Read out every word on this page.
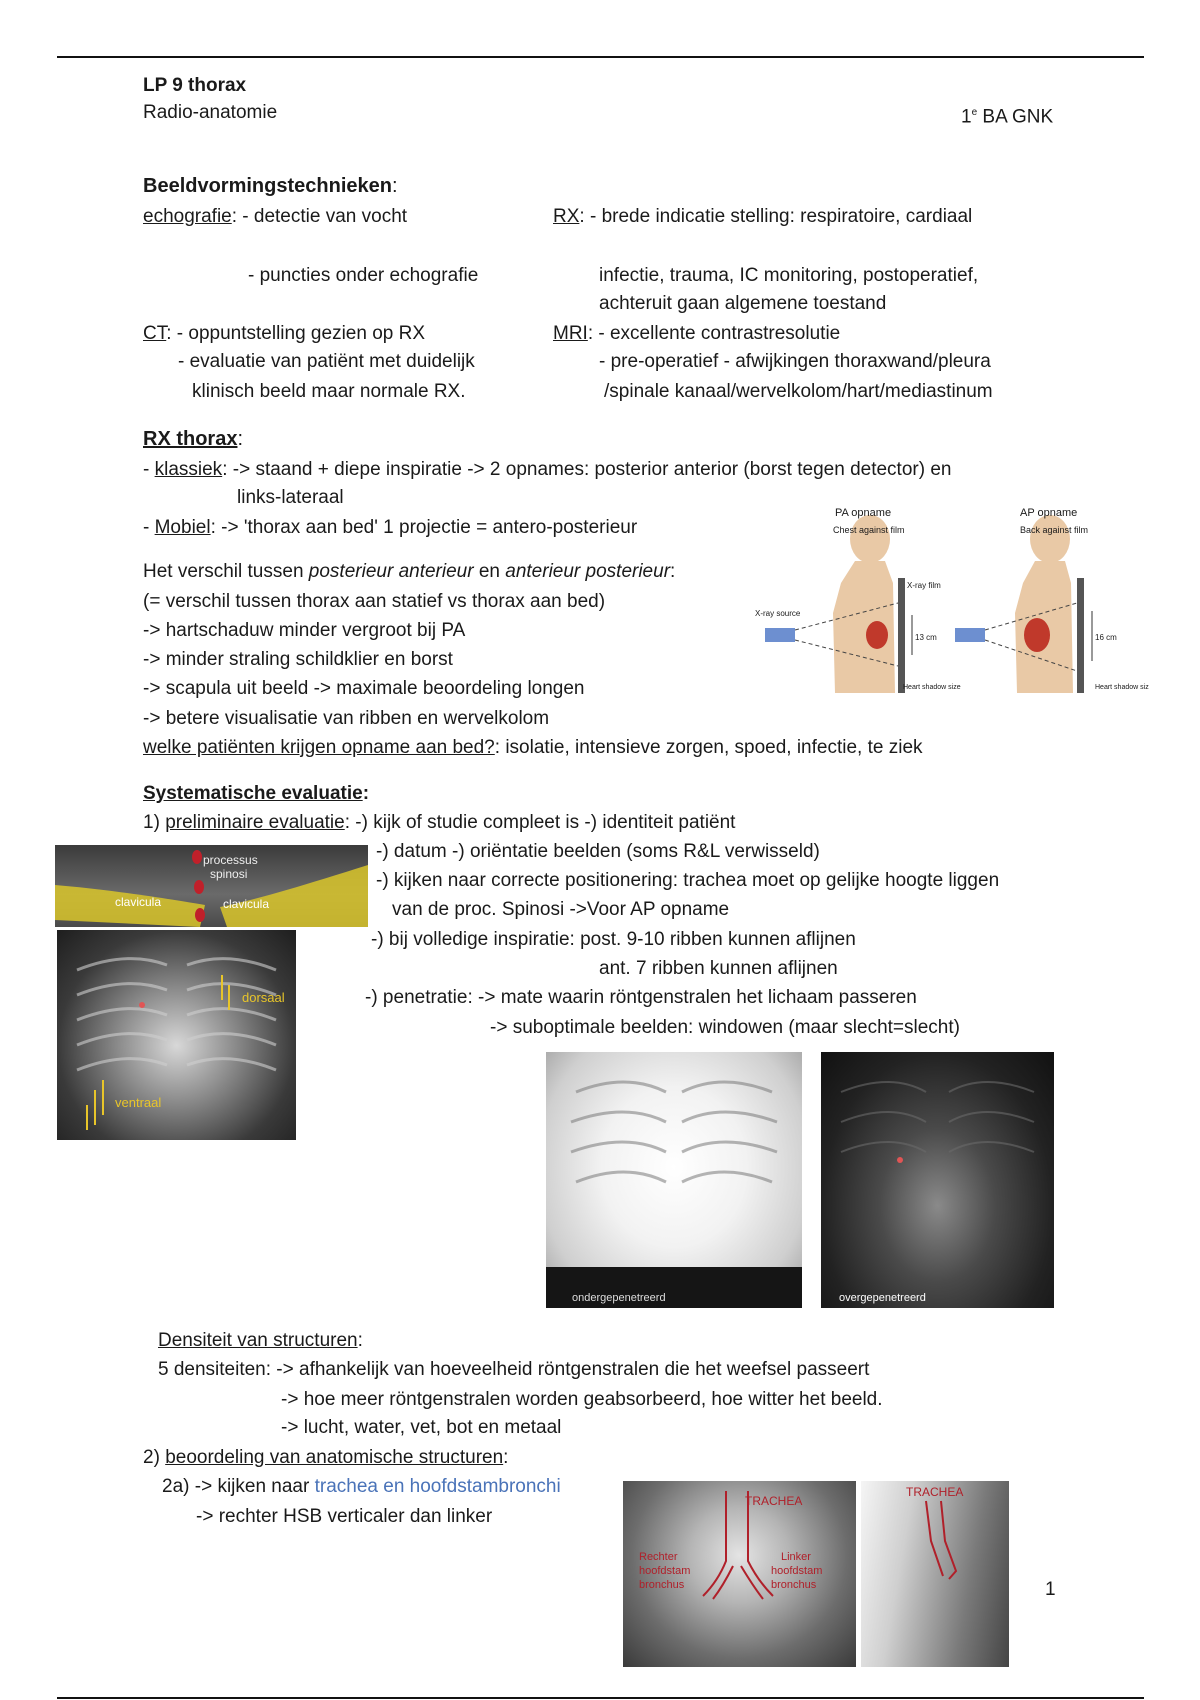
LP 9 thorax
Radio-anatomie	1e BA GNK
Beeldvormingstechnieken:
echografie: - detectie van vocht
- puncties onder echografie
RX: - brede indicatie stelling: respiratoire, cardiaal
infectie, trauma, IC monitoring, postoperatief,
achteruit gaan algemene toestand
CT: - oppuntstelling gezien op RX
- evaluatie van patiënt met duidelijk
klinisch beeld maar normale RX.
MRI: - excellente contrastresolutie
- pre-operatief - afwijkingen thoraxwand/pleura
/spinale kanaal/wervelkolom/hart/mediastinum
RX thorax:
- klassiek: -> staand + diepe inspiratie -> 2 opnames: posterior anterior (borst tegen detector) en
links-lateraal
- Mobiel: -> 'thorax aan bed' 1 projectie = antero-posterieur
Het verschil tussen posterieur anterieur en anterieur posterieur:
(= verschil tussen thorax aan statief vs thorax aan bed)
-> hartschaduw minder vergroot bij PA
-> minder straling schildklier en borst
-> scapula uit beeld -> maximale beoordeling longen
-> betere visualisatie van ribben en wervelkolom
welke patiënten krijgen opname aan bed?: isolatie, intensieve zorgen, spoed, infectie, te ziek
PA opname
Chest against film
AP opname
Back against film
X-ray film
X-ray source
13 cm	16 cm
Heart shadow size	Heart shadow siz
Systematische evaluatie:
1) preliminaire evaluatie: -) kijk of studie compleet is -) identiteit patiënt
-) datum -) oriëntatie beelden (soms R&L verwisseld)
-) kijken naar correcte positionering: trachea moet op gelijke hoogte liggen
van de proc. Spinosi ->Voor AP opname
-) bij volledige inspiratie: post. 9-10 ribben kunnen aflijnen
ant. 7 ribben kunnen aflijnen
-) penetratie: -> mate waarin röntgenstralen het lichaam passeren
-> suboptimale beelden: windowen (maar slecht=slecht)
processus
spinosi
clavicula	clavicula
dorsaal
ventraal
ondergepenetreerd	overgepenetreerd
Densiteit van structuren:
5 densiteiten: -> afhankelijk van hoeveelheid röntgenstralen die het weefsel passeert
-> hoe meer röntgenstralen worden geabsorbeerd, hoe witter het beeld.
-> lucht, water, vet, bot en metaal
2) beoordeling van anatomische structuren:
2a) -> kijken naar trachea en hoofdstambronchi
-> rechter HSB verticaler dan linker
TRACHEA
Rechter
hoofdstam
bronchus
Linker
hoofdstam
bronchus
TRACHEA
1
